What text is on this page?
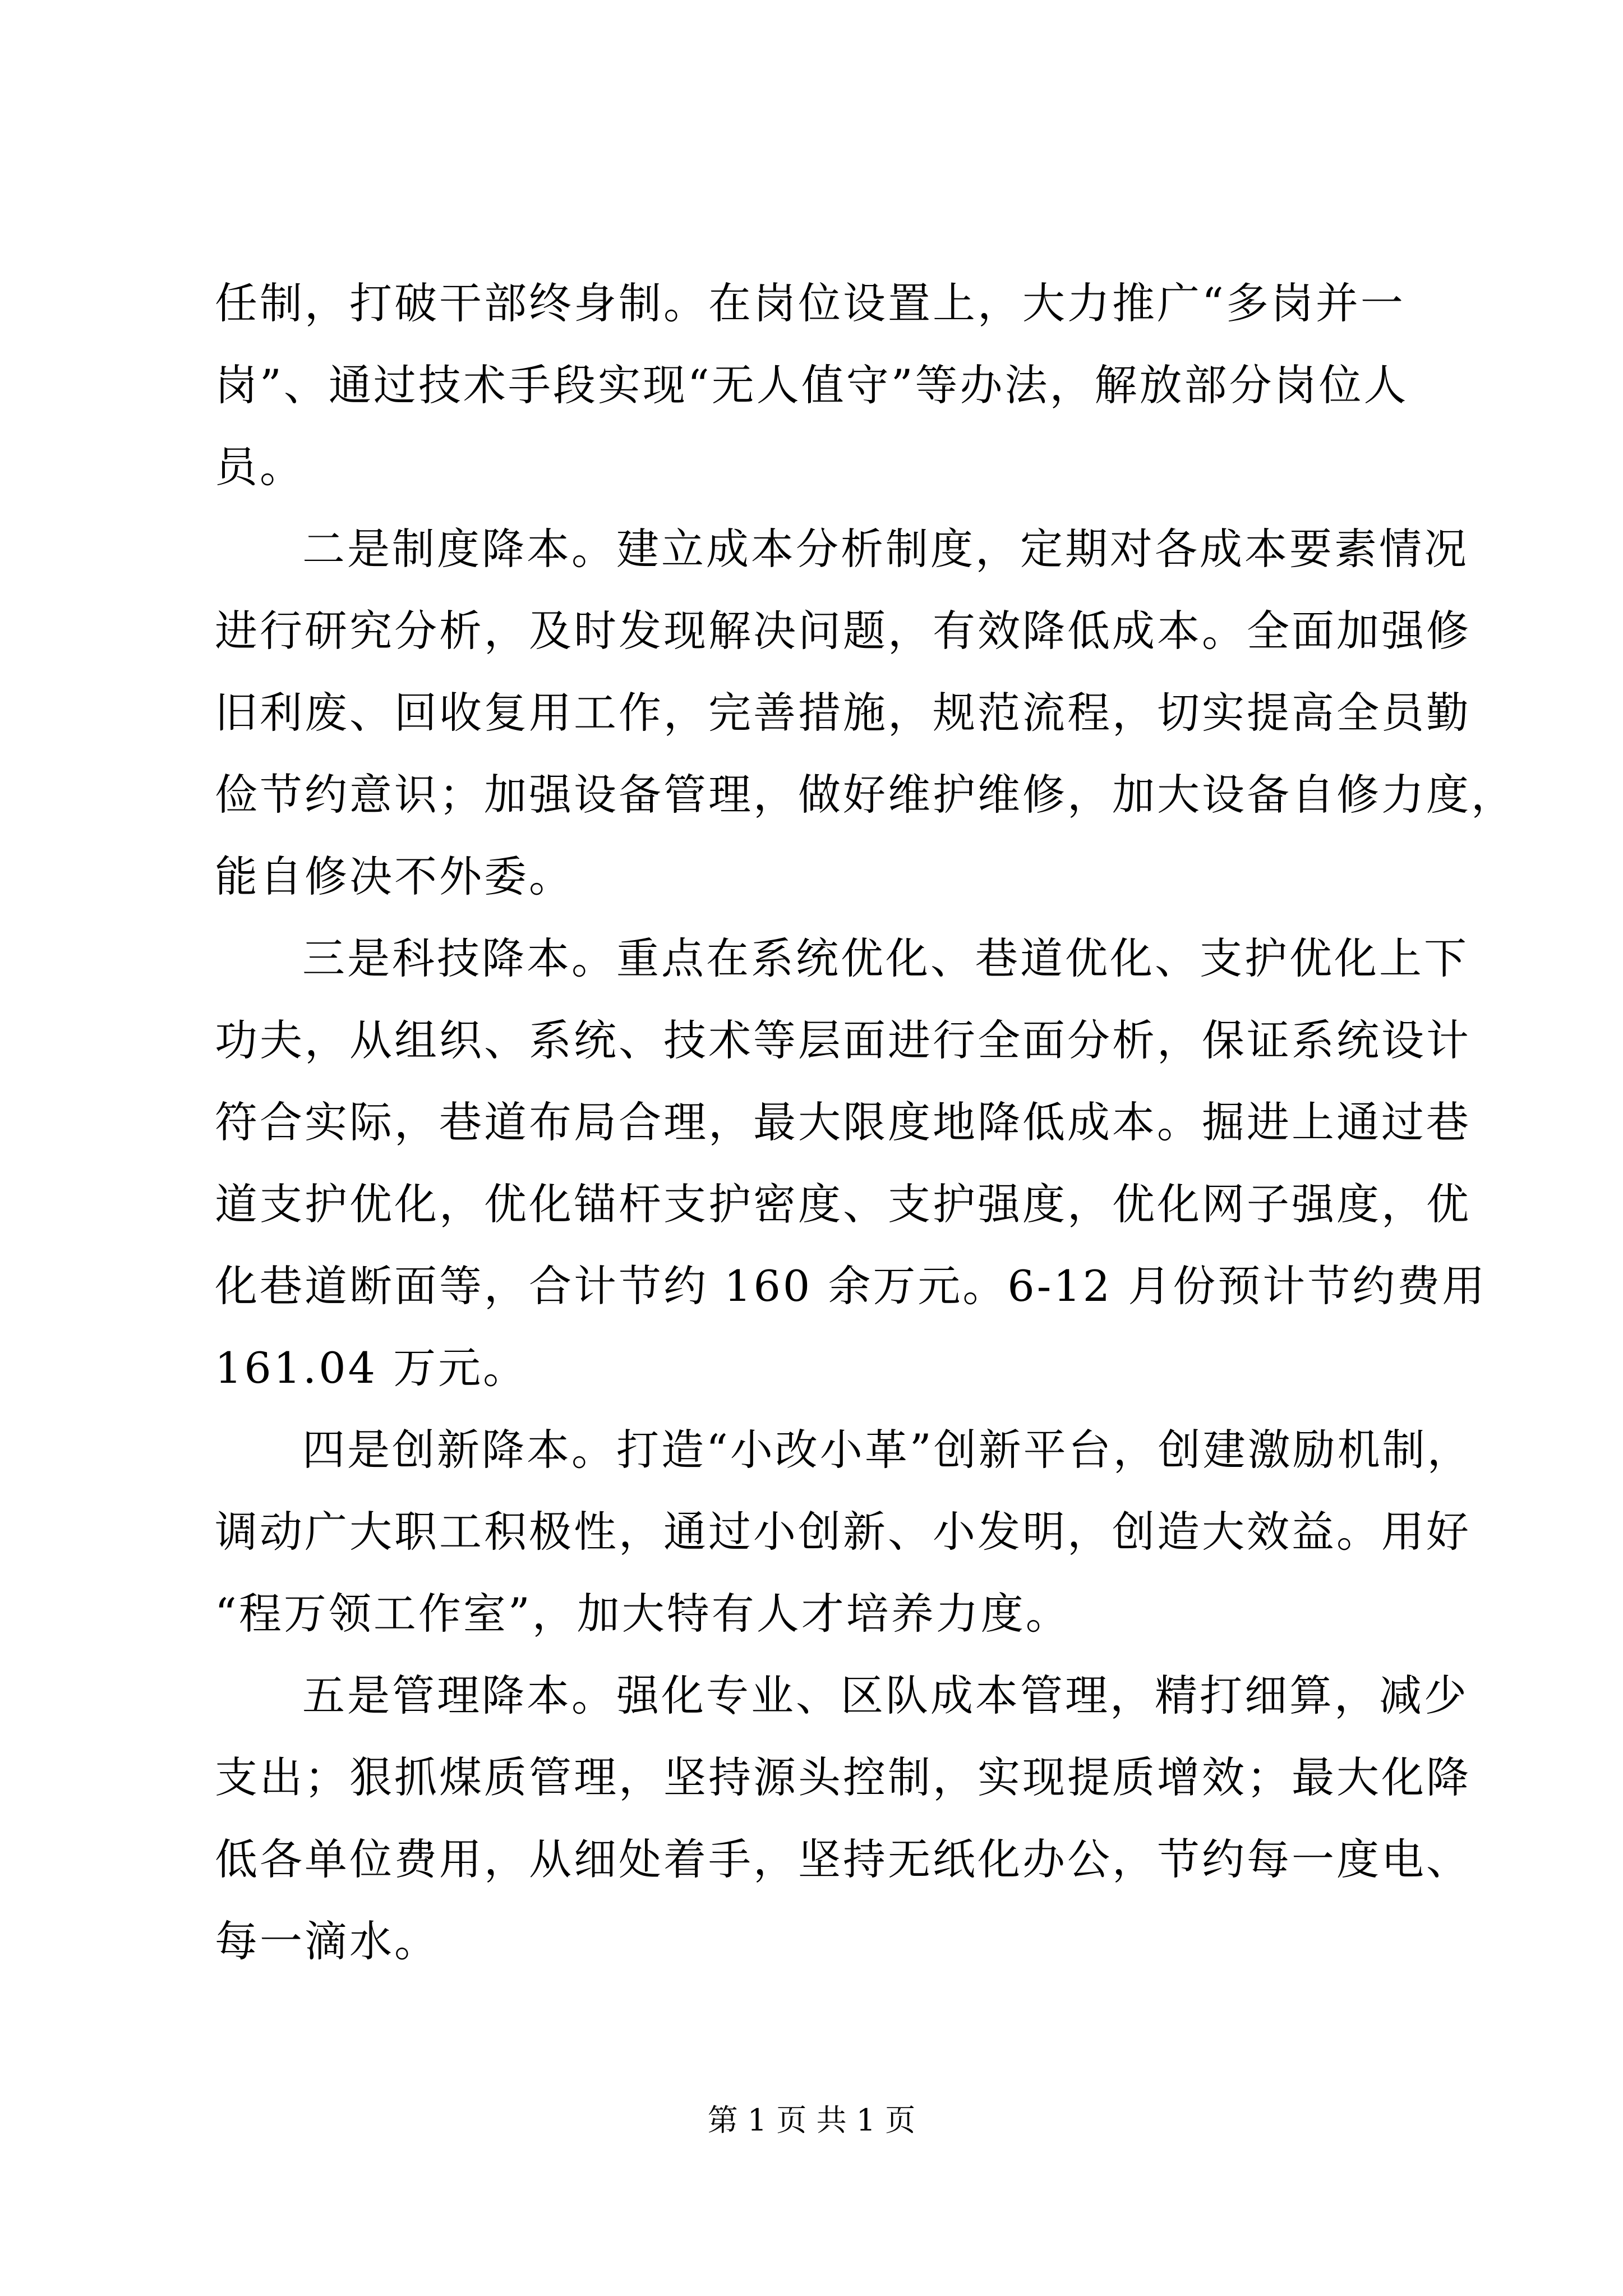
任制，打破干部终身制。在岗位设置上，大力推广“多岗并一
岗”、通过技术手段实现“无人值守”等办法，解放部分岗位人
员。
二是制度降本。建立成本分析制度，定期对各成本要素情况
进行研究分析，及时发现解决问题，有效降低成本。全面加强修
旧利废、回收复用工作，完善措施，规范流程，切实提高全员勤
俭节约意识；加强设备管理，做好维护维修，加大设备自修力度，
能自修决不外委。
三是科技降本。重点在系统优化、巷道优化、支护优化上下
功夫，从组织、系统、技术等层面进行全面分析，保证系统设计
符合实际，巷道布局合理，最大限度地降低成本。掘进上通过巷
道支护优化，优化锚杆支护密度、支护强度，优化网子强度，优
化巷道断面等，合计节约 160 余万元。6-12 月份预计节约费用
161.04 万元。
四是创新降本。打造“小改小革”创新平台，创建激励机制，
调动广大职工积极性，通过小创新、小发明，创造大效益。用好
“程万领工作室”，加大特有人才培养力度。
五是管理降本。强化专业、区队成本管理，精打细算，减少
支出；狠抓煤质管理，坚持源头控制，实现提质增效；最大化降
低各单位费用，从细处着手，坚持无纸化办公，节约每一度电、
每一滴水。
第 1 页 共 1 页
